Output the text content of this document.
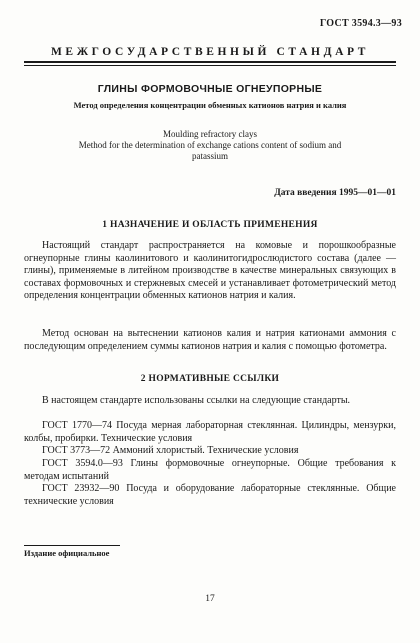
ГОСТ 3594.3—93
МЕЖГОСУДАРСТВЕННЫЙ СТАНДАРТ
ГЛИНЫ ФОРМОВОЧНЫЕ ОГНЕУПОРНЫЕ
Метод определения концентрации обменных катионов натрия и калия
Moulding refractory clays
Method for the determination of exchange cations content of sodium and patassium
Дата введения 1995—01—01
1 НАЗНАЧЕНИЕ И ОБЛАСТЬ ПРИМЕНЕНИЯ
Настоящий стандарт распространяется на комовые и порошкообразные огнеупорные глины каолинитового и каолинитогидрослюдистого состава (далее — глины), применяемые в литейном производстве в качестве минеральных связующих в составах формовочных и стержневых смесей и устанавливает фотометрический метод определения концентрации обменных катионов натрия и калия.
Метод основан на вытеснении катионов калия и натрия катионами аммония с последующим определением суммы катионов натрия и калия с помощью фотометра.
2 НОРМАТИВНЫЕ ССЫЛКИ
В настоящем стандарте использованы ссылки на следующие стандарты.
ГОСТ 1770—74 Посуда мерная лабораторная стеклянная. Цилиндры, мензурки, колбы, пробирки. Технические условия
ГОСТ 3773—72 Аммоний хлористый. Технические условия
ГОСТ 3594.0—93 Глины формовочные огнеупорные. Общие требования к методам испытаний
ГОСТ 23932—90 Посуда и оборудование лабораторные стеклянные. Общие технические условия
Издание официальное
17
